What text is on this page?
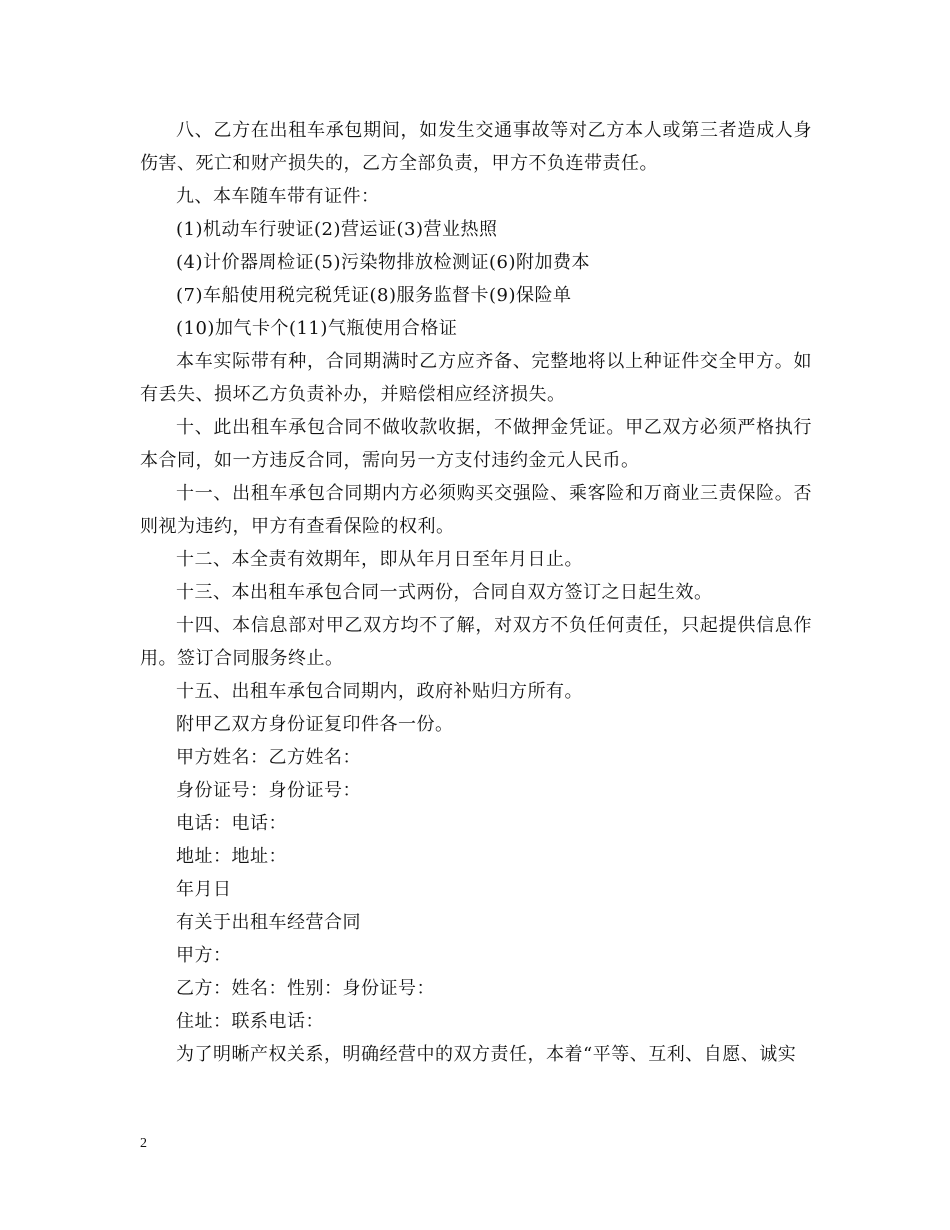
八、乙方在出租车承包期间，如发生交通事故等对乙方本人或第三者造成人身伤害、死亡和财产损失的，乙方全部负责，甲方不负连带责任。

九、本车随车带有证件：

(1)机动车行驶证(2)营运证(3)营业热照

(4)计价器周检证(5)污染物排放检测证(6)附加费本

(7)车船使用税完税凭证(8)服务监督卡(9)保险单

(10)加气卡个(11)气瓶使用合格证

本车实际带有种，合同期满时乙方应齐备、完整地将以上种证件交全甲方。如有丢失、损坏乙方负责补办，并赔偿相应经济损失。

十、此出租车承包合同不做收款收据，不做押金凭证。甲乙双方必须严格执行本合同，如一方违反合同，需向另一方支付违约金元人民币。

十一、出租车承包合同期内方必须购买交强险、乘客险和万商业三责保险。否则视为违约，甲方有查看保险的权利。

十二、本全责有效期年，即从年月日至年月日止。

十三、本出租车承包合同一式两份，合同自双方签订之日起生效。

十四、本信息部对甲乙双方均不了解，对双方不负任何责任，只起提供信息作用。签订合同服务终止。

十五、出租车承包合同期内，政府补贴归方所有。

附甲乙双方身份证复印件各一份。

甲方姓名：乙方姓名：

身份证号：身份证号：

电话：电话：

地址：地址：

年月日

有关于出租车经营合同

甲方：

乙方：姓名：性别：身份证号：

住址：联系电话：

为了明晰产权关系，明确经营中的双方责任，本着“平等、互利、自愿、诚实

2
